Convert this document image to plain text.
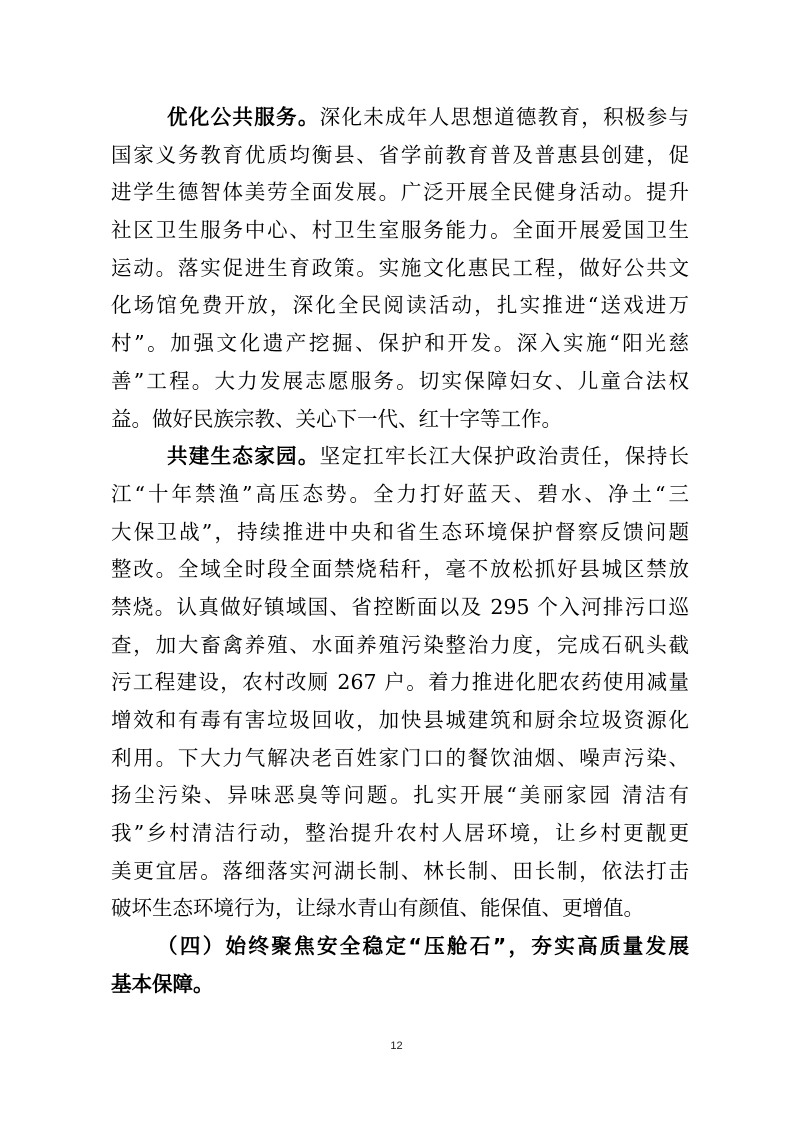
优化公共服务。深化未成年人思想道德教育，积极参与
国家义务教育优质均衡县、省学前教育普及普惠县创建，促
进学生德智体美劳全面发展。广泛开展全民健身活动。提升
社区卫生服务中心、村卫生室服务能力。全面开展爱国卫生
运动。落实促进生育政策。实施文化惠民工程，做好公共文
化场馆免费开放，深化全民阅读活动，扎实推进“送戏进万
村”。加强文化遗产挖掘、保护和开发。深入实施“阳光慈
善”工程。大力发展志愿服务。切实保障妇女、儿童合法权
益。做好民族宗教、关心下一代、红十字等工作。
共建生态家园。坚定扛牢长江大保护政治责任，保持长
江“十年禁渔”高压态势。全力打好蓝天、碧水、净土“三
大保卫战”，持续推进中央和省生态环境保护督察反馈问题
整改。全域全时段全面禁烧秸秆，毫不放松抓好县城区禁放
禁烧。认真做好镇域国、省控断面以及 295 个入河排污口巡
查，加大畜禽养殖、水面养殖污染整治力度，完成石矾头截
污工程建设，农村改厕 267 户。着力推进化肥农药使用减量
增效和有毒有害垃圾回收，加快县城建筑和厨余垃圾资源化
利用。下大力气解决老百姓家门口的餐饮油烟、噪声污染、
扬尘污染、异味恶臭等问题。扎实开展“美丽家园 清洁有
我”乡村清洁行动，整治提升农村人居环境，让乡村更靓更
美更宜居。落细落实河湖长制、林长制、田长制，依法打击
破坏生态环境行为，让绿水青山有颜值、能保值、更增值。
（四）始终聚焦安全稳定“压舱石”，夯实高质量发展
基本保障。
12
